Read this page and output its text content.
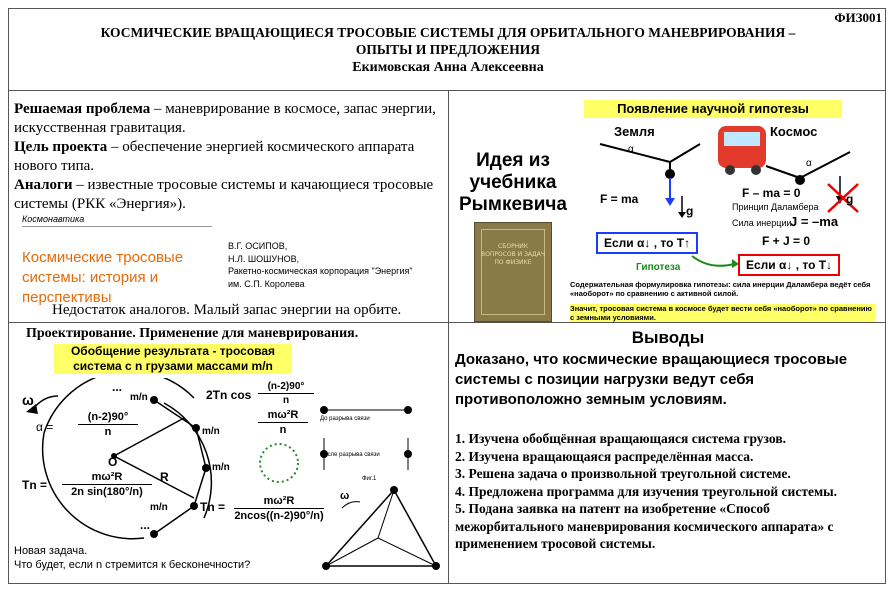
ФИЗ001
КОСМИЧЕСКИЕ ВРАЩАЮЩИЕСЯ ТРОСОВЫЕ СИСТЕМЫ ДЛЯ ОРБИТАЛЬНОГО МАНЕВРИРОВАНИЯ –
ОПЫТЫ И ПРЕДЛОЖЕНИЯ
Екимовская Анна Алексеевна
Решаемая проблема – маневрирование в космосе, запас энергии, искусственная гравитация.
Цель проекта – обеспечение энергией космического аппарата нового типа.
Аналоги – известные тросовые системы и качающиеся тросовые системы (РКК «Энергия»).
Космонавтика
Космические тросовые
системы: история и
перспективы
В.Г. ОСИПОВ,
Н.Л. ШОШУНОВ,
Ракетно-космическая корпорация "Энергия"
им. С.П. Королева
Недостаток аналогов. Малый запас энергии на орбите.
Идея из
учебника
Рымкевича
СБОРНИК
ВОПРОСОВ И ЗАДАЧ
ПО ФИЗИКЕ
Появление научной гипотезы
Земля	Космос
α
α
F = ma
g
F – ma = 0
Принцип Даламбера
g
Сила инерции
J = –ma
F + J = 0
Если α↓ , то T↑
Гипотеза	Если α↓ , то T↓
Содержательная формулировка гипотезы: сила инерции Даламбера ведёт себя «наоборот» по сравнению с активной силой.
Значит, тросовая система в космосе будет вести себя «наоборот» по сравнению с земными условиями.
Проектирование. Применение для маневрирования.
Обобщение результата - тросовая
система с n грузами массами m/n
ω
$\alpha = \frac{(n-2)90^\circ}{n}$
O
R
m/n
m/n
m/n
m/n
...
...
$Tn = \frac{\text{mω²R}}{\text{2n sin(180°/n)}}$
2Tn $\cos \frac{(n-2)90^\circ}{n}$
mω²R
n
$Tn = \frac{\text{mω²R}}{2ncos((n-2)90^\circ/n)}$
До разрыва связи
После разрыва связи
Фиг.1
ω
Новая задача.
Что будет, если n стремится к бесконечности?
Выводы
Доказано, что космические вращающиеся тросовые системы с позиции нагрузки ведут себя противоположно земным условиям.
1. Изучена обобщённая вращающаяся система грузов.
2. Изучена вращающаяся распределённая масса.
3. Решена задача о произвольной треугольной системе.
4. Предложена программа для изучения треугольной системы.
5. Подана заявка на патент на изобретение «Способ межорбитального маневрирования космического аппарата» с применением тросовой системы.
